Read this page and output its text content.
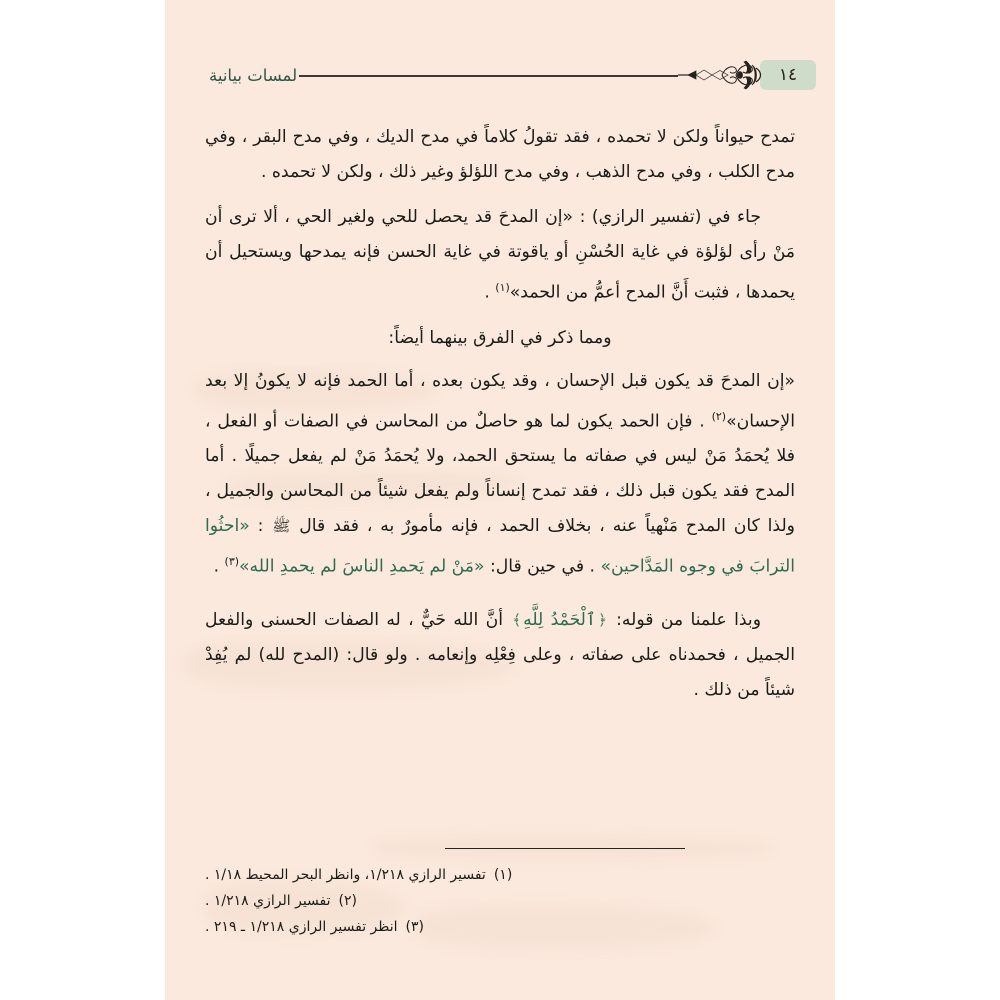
لمسات بيانية	١٤

تمدح حيواناً ولكن لا تحمده ، فقد تقولُ كلاماً في مدح الديك ، وفي مدح البقر ، وفي مدح الكلب ، وفي مدح الذهب ، وفي مدح اللؤلؤ وغير ذلك ، ولكن لا تحمده .

جاء في (تفسير الرازي) : «إن المدحَ قد يحصل للحي ولغير الحي ، ألا ترى أن مَنْ رأى لؤلؤة في غاية الحُسْنِ أو ياقوتة في غاية الحسن فإنه يمدحها ويستحيل أن يحمدها ، فثبت أَنَّ المدح أعمُّ من الحمد»$^{(١)}$ .

ومما ذكر في الفرق بينهما أيضاً:

«إن المدحَ قد يكون قبل الإحسان ، وقد يكون بعده ، أما الحمد فإنه لا يكونُ إلا بعد الإحسان»$^{(٢)}$ . فإن الحمد يكون لما هو حاصلٌ من المحاسن في الصفات أو الفعل ، فلا يُحمَدُ مَنْ ليس في صفاته ما يستحق الحمد، ولا يُحمَدُ مَنْ لم يفعل جميلًا . أما المدح فقد يكون قبل ذلك ، فقد تمدح إنساناً ولم يفعل شيئاً من المحاسن والجميل ، ولذا كان المدح مَنْهياً عنه ، بخلاف الحمد ، فإنه مأمورٌ به ، فقد قال ﷺ : «احثُوا الترابَ في وجوه المَدَّاحين» . في حين قال: «مَنْ لم يَحمدِ الناسَ لم يحمدِ الله»$^{(٣)}$ .

وبذا علمنا من قوله: ﴿ٱلْحَمْدُ لِلَّهِ﴾ أنَّ الله حَيٌّ ، له الصفات الحسنى والفعل الجميل ، فحمدناه على صفاته ، وعلى فِعْلِه وإنعامه . ولو قال: (المدح لله) لم يُفِدْ شيئاً من ذلك .

(١)تفسير الرازي ١/٢١٨، وانظر البحر المحيط ١/١٨ .

(٢)تفسير الرازي ١/٢١٨ .

(٣)انظر تفسير الرازي ١/٢١٨ ـ ٢١٩ .
